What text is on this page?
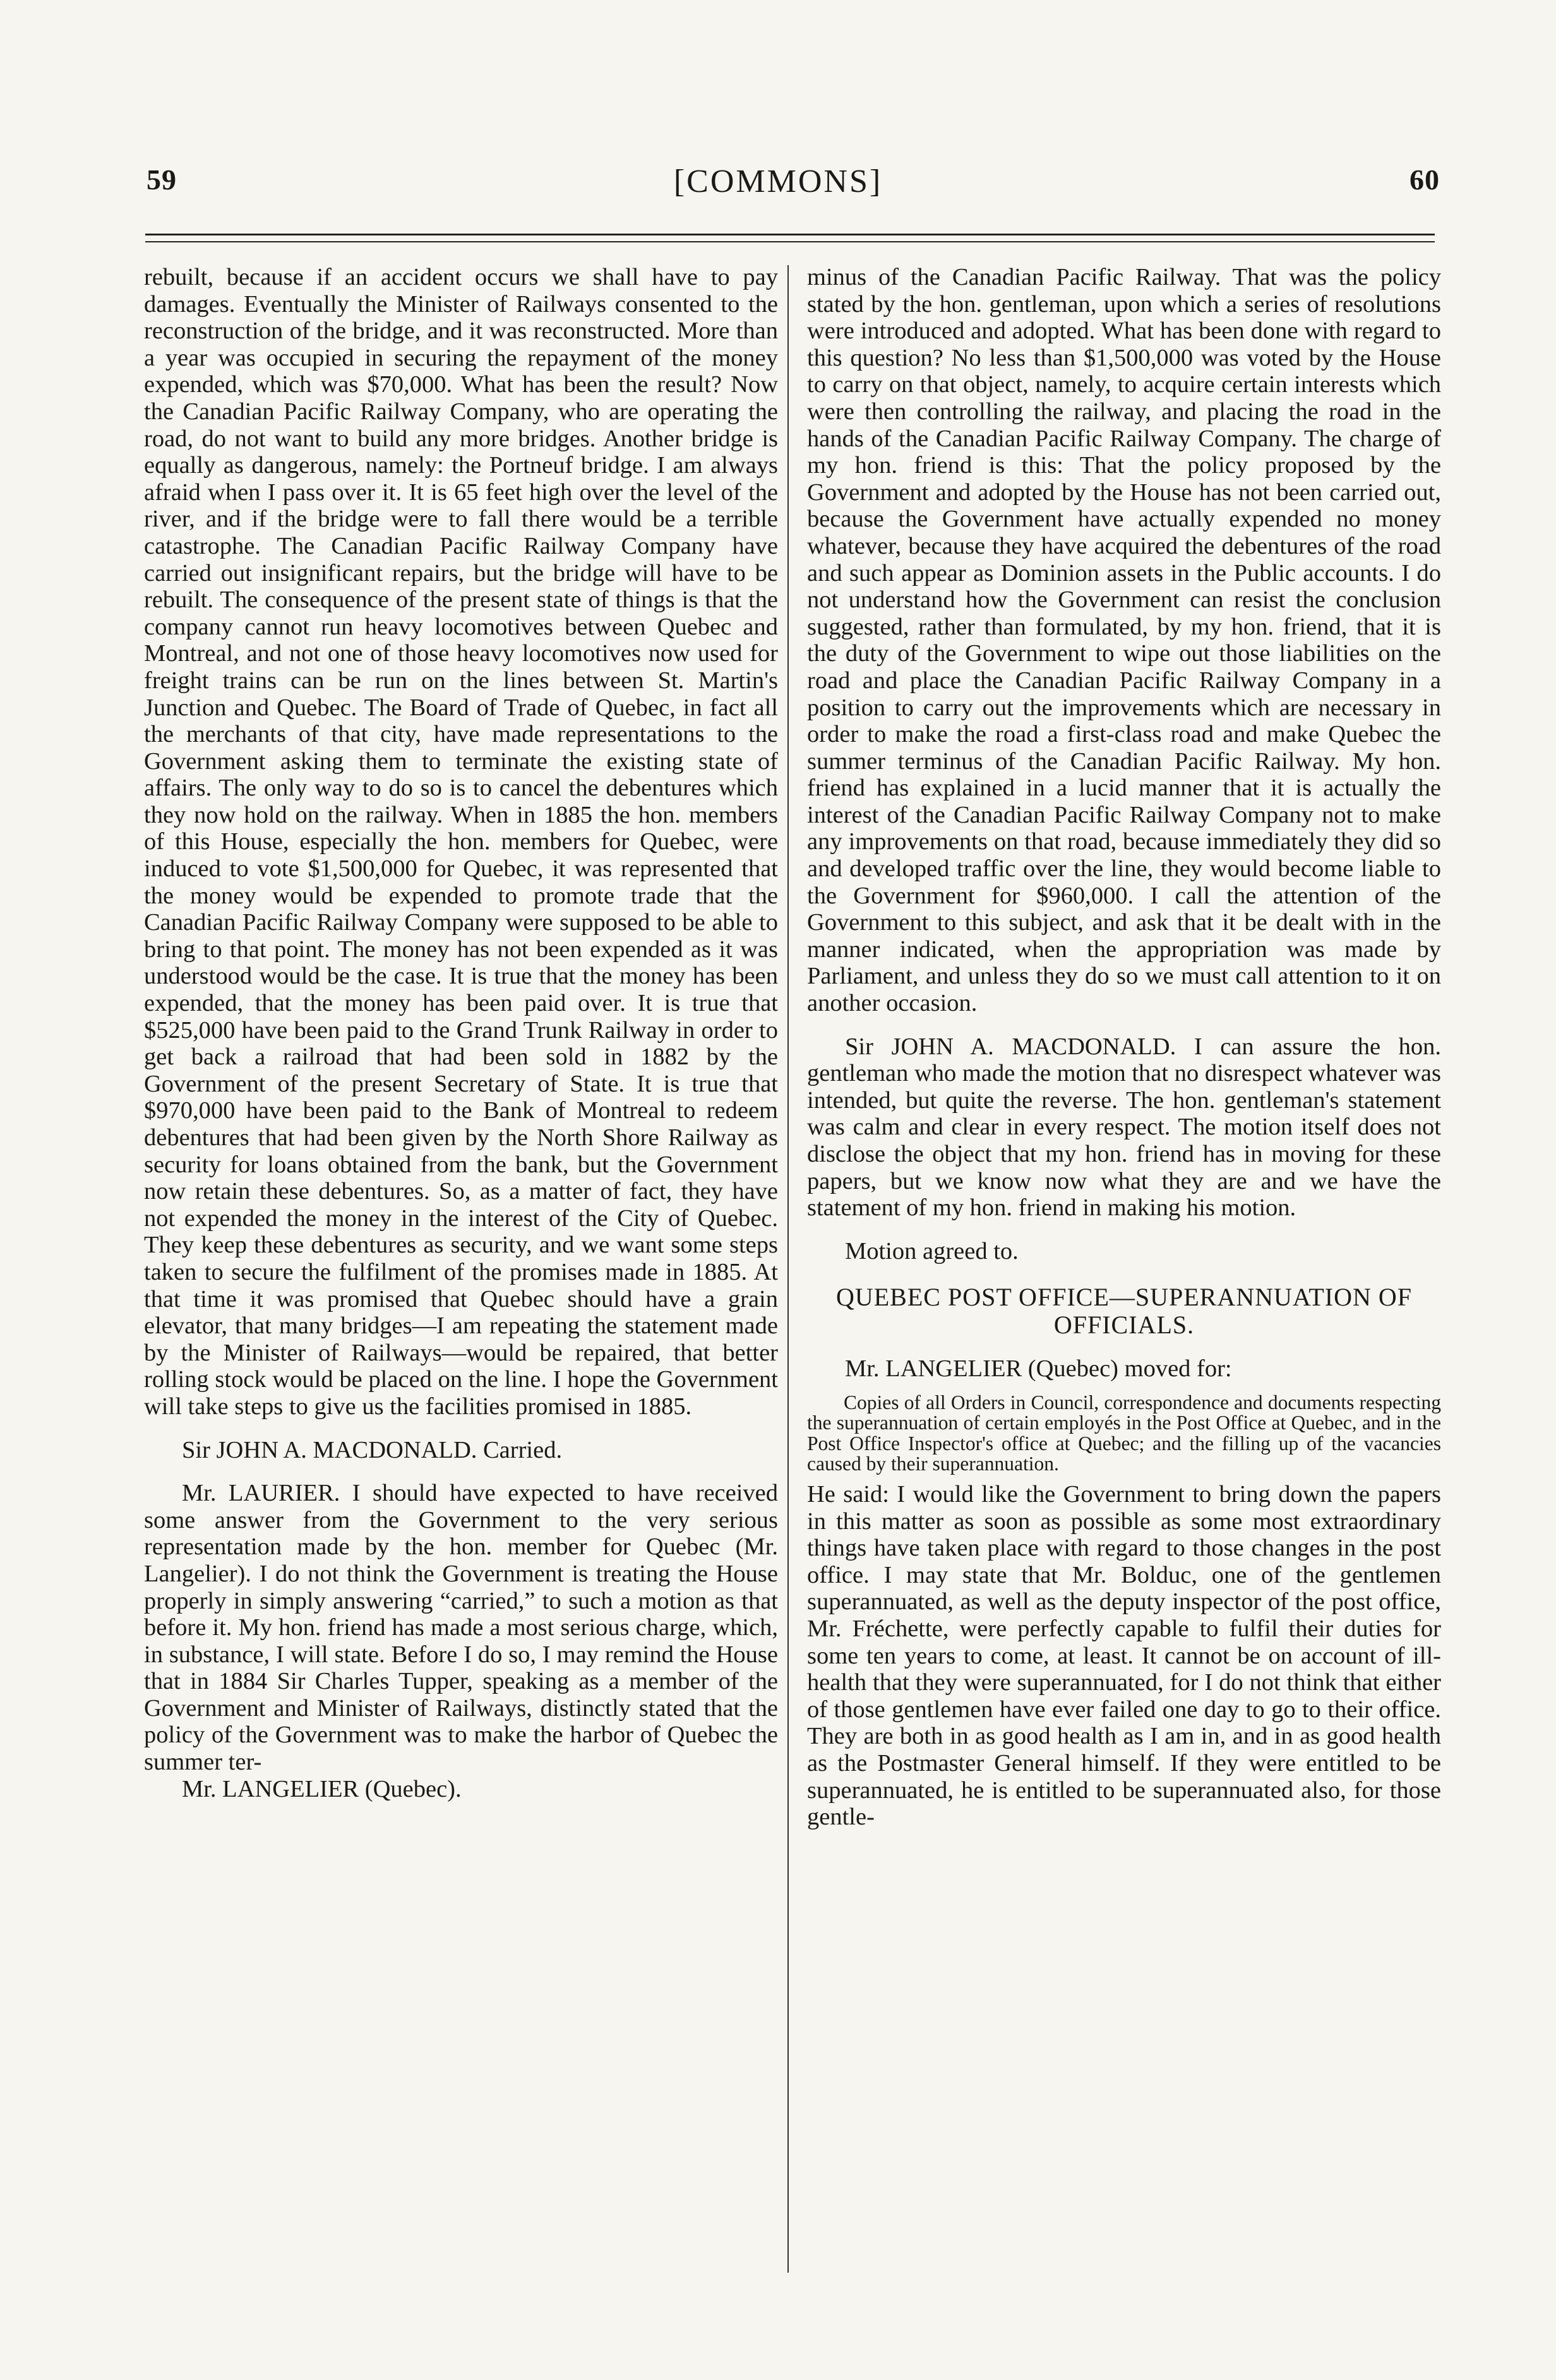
59	[COMMONS]	60

rebuilt, because if an accident occurs we shall have to pay damages. Eventually the Minister of Railways consented to the reconstruction of the bridge, and it was reconstructed. More than a year was occupied in securing the repayment of the money expended, which was $70,000. What has been the result? Now the Canadian Pacific Railway Company, who are operating the road, do not want to build any more bridges. Another bridge is equally as dangerous, namely: the Portneuf bridge. I am always afraid when I pass over it. It is 65 feet high over the level of the river, and if the bridge were to fall there would be a terrible catastrophe. The Canadian Pacific Railway Company have carried out insignificant repairs, but the bridge will have to be rebuilt. The consequence of the present state of things is that the company cannot run heavy locomotives between Quebec and Montreal, and not one of those heavy locomotives now used for freight trains can be run on the lines between St. Martin's Junction and Quebec. The Board of Trade of Quebec, in fact all the merchants of that city, have made representations to the Government asking them to terminate the existing state of affairs. The only way to do so is to cancel the debentures which they now hold on the railway. When in 1885 the hon. members of this House, especially the hon. members for Quebec, were induced to vote $1,500,000 for Quebec, it was represented that the money would be expended to promote trade that the Canadian Pacific Railway Company were supposed to be able to bring to that point. The money has not been expended as it was understood would be the case. It is true that the money has been expended, that the money has been paid over. It is true that $525,000 have been paid to the Grand Trunk Railway in order to get back a railroad that had been sold in 1882 by the Government of the present Secretary of State. It is true that $970,000 have been paid to the Bank of Montreal to redeem debentures that had been given by the North Shore Railway as security for loans obtained from the bank, but the Government now retain these debentures. So, as a matter of fact, they have not expended the money in the interest of the City of Quebec. They keep these debentures as security, and we want some steps taken to secure the fulfilment of the promises made in 1885. At that time it was promised that Quebec should have a grain elevator, that many bridges—I am repeating the statement made by the Minister of Railways—would be repaired, that better rolling stock would be placed on the line. I hope the Government will take steps to give us the facilities promised in 1885.

Sir JOHN A. MACDONALD. Carried.

Mr. LAURIER. I should have expected to have received some answer from the Government to the very serious representation made by the hon. member for Quebec (Mr. Langelier). I do not think the Government is treating the House properly in simply answering “carried,” to such a motion as that before it. My hon. friend has made a most serious charge, which, in substance, I will state. Before I do so, I may remind the House that in 1884 Sir Charles Tupper, speaking as a member of the Government and Minister of Railways, distinctly stated that the policy of the Government was to make the harbor of Quebec the summer ter-

Mr. LANGELIER (Quebec).

minus of the Canadian Pacific Railway. That was the policy stated by the hon. gentleman, upon which a series of resolutions were introduced and adopted. What has been done with regard to this question? No less than $1,500,000 was voted by the House to carry on that object, namely, to acquire certain interests which were then controlling the railway, and placing the road in the hands of the Canadian Pacific Railway Company. The charge of my hon. friend is this: That the policy proposed by the Government and adopted by the House has not been carried out, because the Government have actually expended no money whatever, because they have acquired the debentures of the road and such appear as Dominion assets in the Public accounts. I do not understand how the Government can resist the conclusion suggested, rather than formulated, by my hon. friend, that it is the duty of the Government to wipe out those liabilities on the road and place the Canadian Pacific Railway Company in a position to carry out the improvements which are necessary in order to make the road a first-class road and make Quebec the summer terminus of the Canadian Pacific Railway. My hon. friend has explained in a lucid manner that it is actually the interest of the Canadian Pacific Railway Company not to make any improvements on that road, because immediately they did so and developed traffic over the line, they would become liable to the Government for $960,000. I call the attention of the Government to this subject, and ask that it be dealt with in the manner indicated, when the appropriation was made by Parliament, and unless they do so we must call attention to it on another occasion.

Sir JOHN A. MACDONALD. I can assure the hon. gentleman who made the motion that no disrespect whatever was intended, but quite the reverse. The hon. gentleman's statement was calm and clear in every respect. The motion itself does not disclose the object that my hon. friend has in moving for these papers, but we know now what they are and we have the statement of my hon. friend in making his motion.

Motion agreed to.

QUEBEC POST OFFICE—SUPERANNUATION OF OFFICIALS.

Mr. LANGELIER (Quebec) moved for:

Copies of all Orders in Council, correspondence and documents respecting the superannuation of certain employés in the Post Office at Quebec, and in the Post Office Inspector's office at Quebec; and the filling up of the vacancies caused by their superannuation.

He said: I would like the Government to bring down the papers in this matter as soon as possible as some most extraordinary things have taken place with regard to those changes in the post office. I may state that Mr. Bolduc, one of the gentlemen superannuated, as well as the deputy inspector of the post office, Mr. Fréchette, were perfectly capable to fulfil their duties for some ten years to come, at least. It cannot be on account of ill-health that they were superannuated, for I do not think that either of those gentlemen have ever failed one day to go to their office. They are both in as good health as I am in, and in as good health as the Postmaster General himself. If they were entitled to be superannuated, he is entitled to be superannuated also, for those gentle-
